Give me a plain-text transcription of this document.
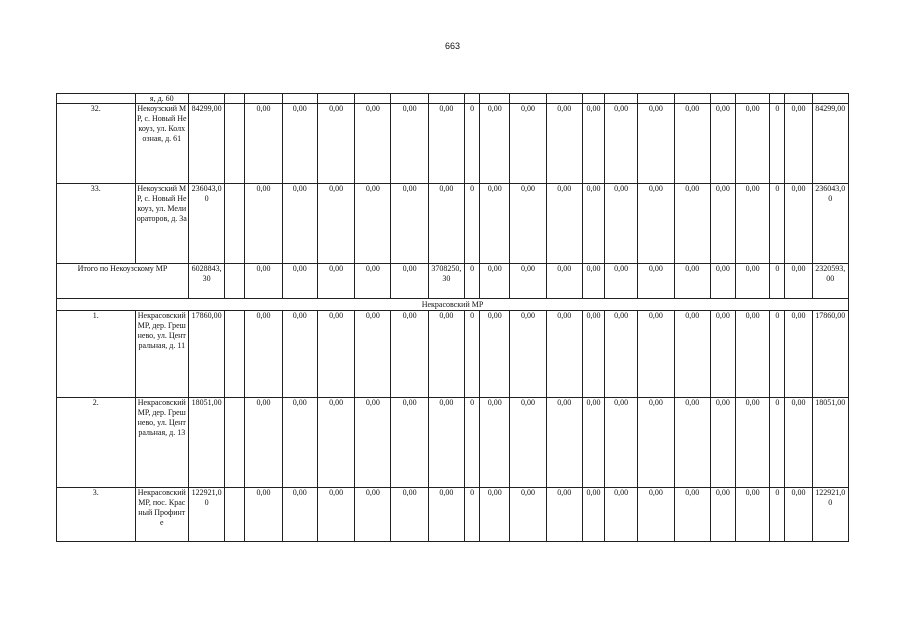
663
	я, д. 60																					
32.	Некоузский МР, с. Новый Некоуз, ул. Колхозная, д. 61	84299,00		0,00	0,00	0,00	0,00	0,00	0,00	0	0,00	0,00	0,00	0,00	0,00	0,00	0,00	0,00	0,00	0	0,00	84299,00
33.	Некоузский МР, с. Новый Некоуз, ул. Мелиораторов, д. 3а	236043,00		0,00	0,00	0,00	0,00	0,00	0,00	0	0,00	0,00	0,00	0,00	0,00	0,00	0,00	0,00	0,00	0	0,00	236043,00
Итого по Некоузскому МР		6028843,30		0,00	0,00	0,00	0,00	0,00	3708250,30	0	0,00	0,00	0,00	0,00	0,00	0,00	0,00	0,00	0,00	0	0,00	2320593,00
Некрасовский МР																						
1.	Некрасовский МР, дер. Грешнево, ул. Центральная, д. 11	17860,00		0,00	0,00	0,00	0,00	0,00	0,00	0	0,00	0,00	0,00	0,00	0,00	0,00	0,00	0,00	0,00	0	0,00	17860,00
2.	Некрасовский МР, дер. Грешнево, ул. Центральная, д. 13	18051,00		0,00	0,00	0,00	0,00	0,00	0,00	0	0,00	0,00	0,00	0,00	0,00	0,00	0,00	0,00	0,00	0	0,00	18051,00
3.	Некрасовский МР, пос. Красный Профинте	122921,00		0,00	0,00	0,00	0,00	0,00	0,00	0	0,00	0,00	0,00	0,00	0,00	0,00	0,00	0,00	0,00	0	0,00	122921,00
